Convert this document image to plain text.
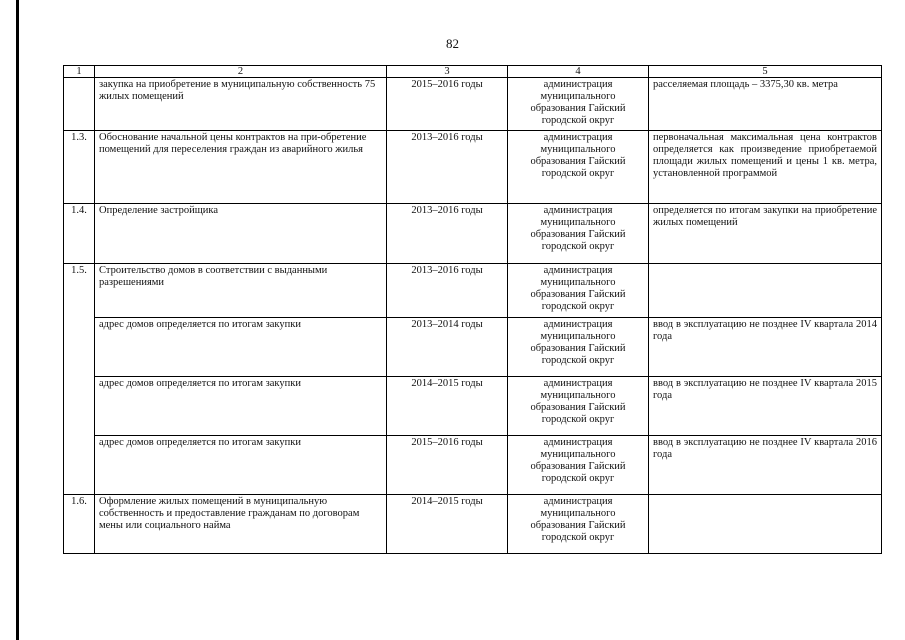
82
1	2	3	4	5
	закупка на приобретение в муниципальную собственность 75 жилых помещений	2015–2016 годы	администрация муниципального образования Гайский городской округ	расселяемая площадь – 3375,30 кв. метра
1.3.	Обоснование начальной цены контрактов на при-обретение помещений для переселения граждан из аварийного жилья	2013–2016 годы	администрация муниципального образования Гайский городской округ	первоначальная максимальная цена контрактов определяется как произведение приобретаемой площади жилых помещений и цены 1 кв. метра, установленной программой
1.4.	Определение застройщика	2013–2016 годы	администрация муниципального образования Гайский городской округ	определяется по итогам закупки на приобретение жилых помещений
1.5.	Строительство домов в соответствии с выданными разрешениями	2013–2016 годы	администрация муниципального образования Гайский городской округ	
	адрес домов определяется по итогам закупки	2013–2014 годы	администрация муниципального образования Гайский городской округ	ввод в эксплуатацию не позднее IV квартала 2014 года
	адрес домов определяется по итогам закупки	2014–2015 годы	администрация муниципального образования Гайский городской округ	ввод в эксплуатацию не позднее IV квартала 2015 года
	адрес домов определяется по итогам закупки	2015–2016 годы	администрация муниципального образования Гайский городской округ	ввод в эксплуатацию не позднее IV квартала 2016 года
1.6.	Оформление жилых помещений в муниципальную собственность и предоставление гражданам по договорам мены или социального найма	2014–2015 годы	администрация муниципального образования Гайский городской округ	
